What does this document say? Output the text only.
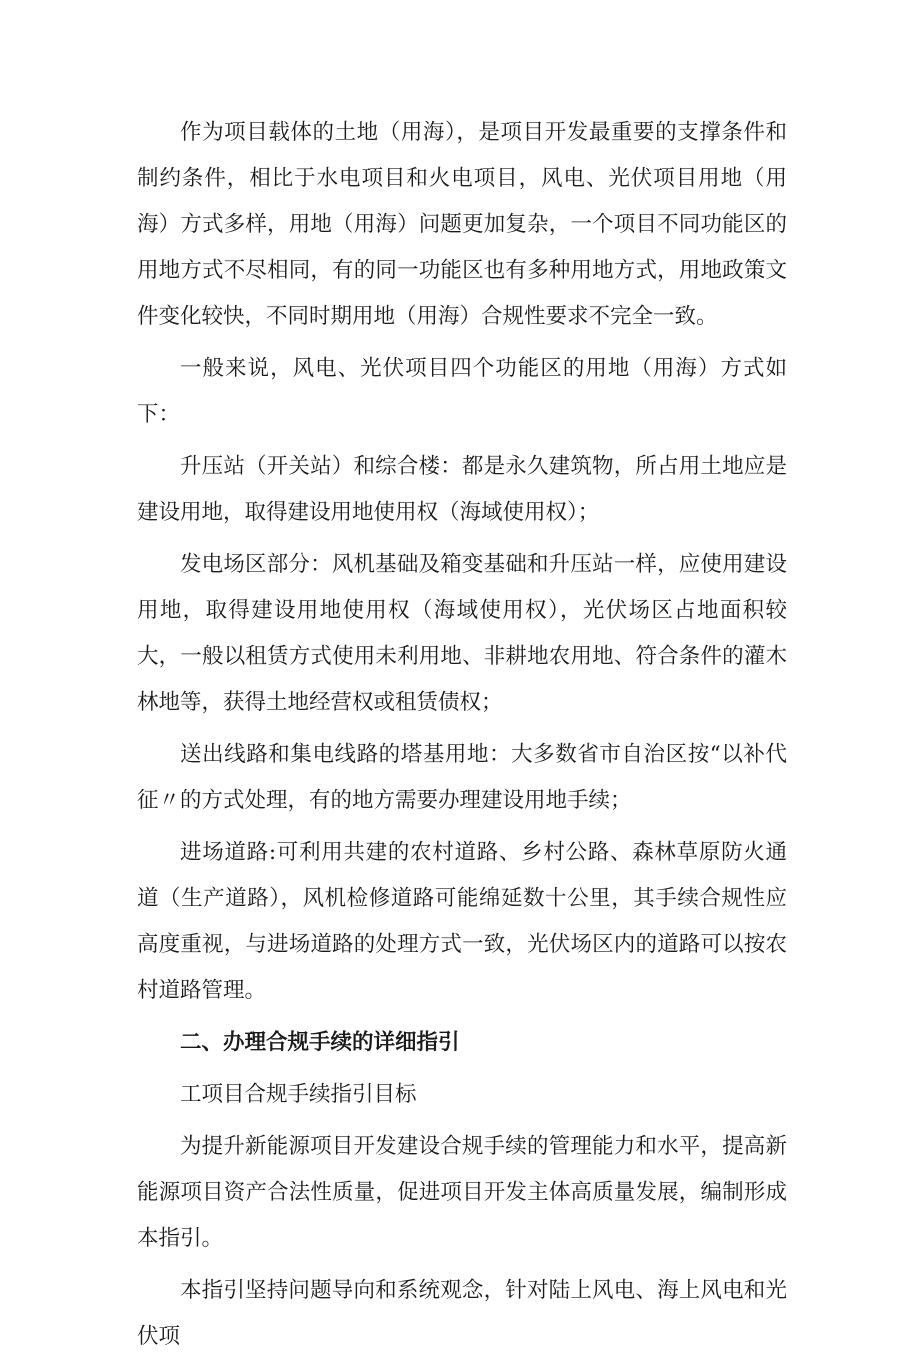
作为项目载体的土地（用海），是项目开发最重要的支撑条件和制约条件，相比于水电项目和火电项目，风电、光伏项目用地（用海）方式多样，用地（用海）问题更加复杂，一个项目不同功能区的用地方式不尽相同，有的同一功能区也有多种用地方式，用地政策文件变化较快，不同时期用地（用海）合规性要求不完全一致。

一般来说，风电、光伏项目四个功能区的用地（用海）方式如下：

升压站（开关站）和综合楼：都是永久建筑物，所占用土地应是建设用地，取得建设用地使用权（海域使用权）；

发电场区部分：风机基础及箱变基础和升压站一样，应使用建设用地，取得建设用地使用权（海域使用权），光伏场区占地面积较大，一般以租赁方式使用未利用地、非耕地农用地、符合条件的灌木林地等，获得土地经营权或租赁债权；

送出线路和集电线路的塔基用地：大多数省市自治区按“以补代征〃的方式处理，有的地方需要办理建设用地手续；

进场道路:可利用共建的农村道路、乡村公路、森林草原防火通道（生产道路），风机检修道路可能绵延数十公里，其手续合规性应高度重视，与进场道路的处理方式一致，光伏场区内的道路可以按农村道路管理。

二、办理合规手续的详细指引

工项目合规手续指引目标

为提升新能源项目开发建设合规手续的管理能力和水平，提高新能源项目资产合法性质量，促进项目开发主体高质量发展，编制形成本指引。

本指引坚持问题导向和系统观念，针对陆上风电、海上风电和光伏项
